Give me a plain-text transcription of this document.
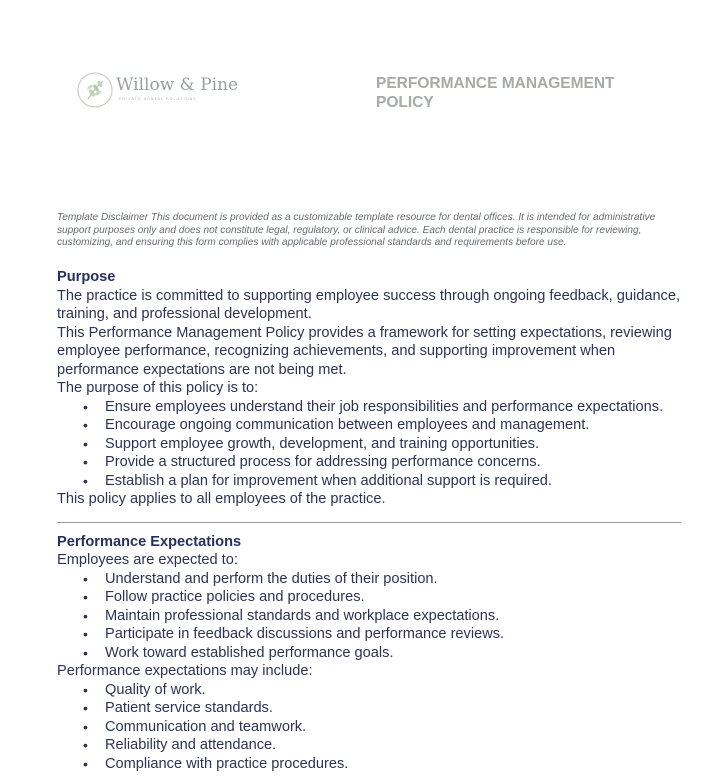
Willow & Pine
PRIVATE DENTAL SOLUTIONS
PERFORMANCE MANAGEMENT POLICY
Template Disclaimer This document is provided as a customizable template resource for dental offices. It is intended for administrative support purposes only and does not constitute legal, regulatory, or clinical advice. Each dental practice is responsible for reviewing, customizing, and ensuring this form complies with applicable professional standards and requirements before use.
Purpose
The practice is committed to supporting employee success through ongoing feedback, guidance, training, and professional development.
This Performance Management Policy provides a framework for setting expectations, reviewing employee performance, recognizing achievements, and supporting improvement when performance expectations are not being met.
The purpose of this policy is to:
• Ensure employees understand their job responsibilities and performance expectations.
• Encourage ongoing communication between employees and management.
• Support employee growth, development, and training opportunities.
• Provide a structured process for addressing performance concerns.
• Establish a plan for improvement when additional support is required.
This policy applies to all employees of the practice.
Performance Expectations
Employees are expected to:
• Understand and perform the duties of their position.
• Follow practice policies and procedures.
• Maintain professional standards and workplace expectations.
• Participate in feedback discussions and performance reviews.
• Work toward established performance goals.
Performance expectations may include:
• Quality of work.
• Patient service standards.
• Communication and teamwork.
• Reliability and attendance.
• Compliance with practice procedures.
